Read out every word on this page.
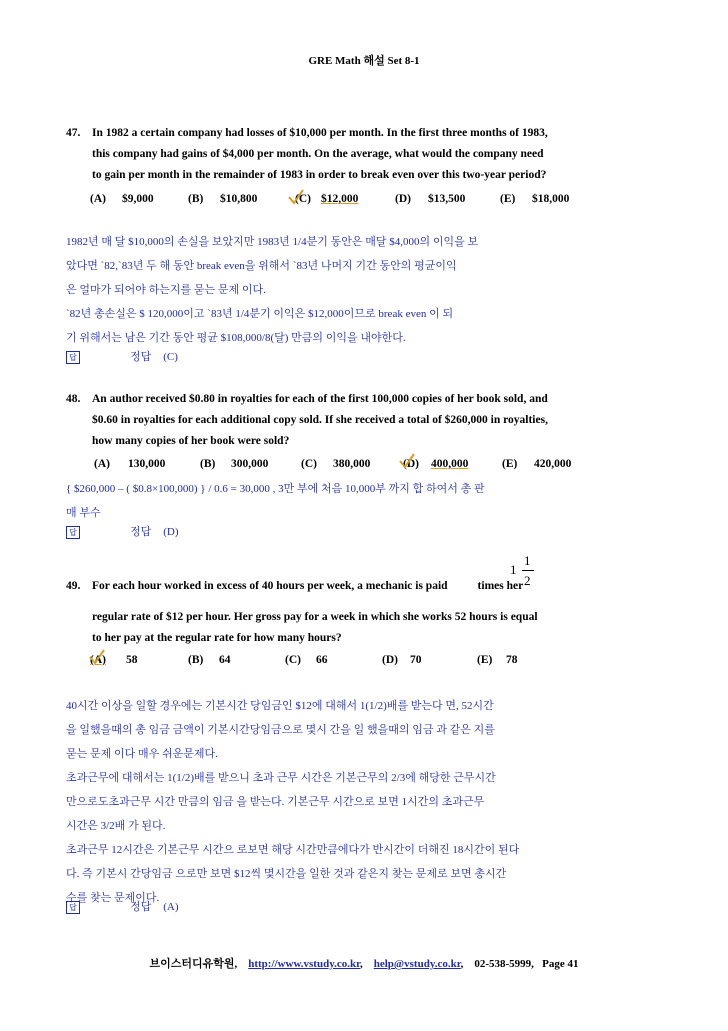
GRE Math 해설 Set 8-1
47. In 1982 a certain company had losses of $10,000 per month. In the first three months of 1983,
this company had gains of $4,000 per month. On the average, what would the company need
to gain per month in the remainder of 1983 in order to break even over this two-year period?
(A) $9,000	(B) $10,800	(C) $12,000	(D) $13,500	(E) $18,000
1982년 매 달 $10,000의 손실을 보았지만 1983년 1/4분기 동안은 매달 $4,000의 이익을 보
았다면 `82,`83년 두 해 동안 break even을 위해서 `83년 나머지 기간 동안의 평균이익
은 얼마가 되어야 하는지를 묻는 문제 이다.
`82년 총손실은 $ 120,000이고 `83년 1/4분기 이익은 $12,000이므로 break even 이 되
기 위해서는 남은 기간 동안 평균 $108,000/8(달) 만큼의 이익을 내야한다.
답	정답 (C)
48. An author received $0.80 in royalties for each of the first 100,000 copies of her book sold, and
$0.60 in royalties for each additional copy sold. If she received a total of $260,000 in royalties,
how many copies of her book were sold?
(A) 130,000	(B) 300,000	(C) 380,000	(D) 400,000	(E) 420,000
{ $260,000 – ( $0.8×100,000) } / 0.6 = 30,000 , 3만 부에 처음 10,000부 까지 합 하여서 총 판
매 부수
답	정답 (D)
49. For each hour worked in excess of 40 hours per week, a mechanic is paid	times her
1
1
2
regular rate of $12 per hour. Her gross pay for a week in which she works 52 hours is equal
to her pay at the regular rate for how many hours?
(A) 58	(B) 64	(C) 66	(D) 70	(E) 78
40시간 이상을 일할 경우에는 기본시간 당임금인 $12에 대해서 1(1/2)배를 받는다 면, 52시간
을 일했을때의 총 임금 금액이 기본시간당임금으로 몇시 간을 일 했을때의 임금 과 같은 지를
묻는 문제 이다 매우 쉬운문제다.
초과근무에 대해서는 1(1/2)배를 받으니 초과 근무 시간은 기본근무의 2/3에 해당한 근무시간
만으로도초과근무 시간 만큼의 임금 을 받는다. 기본근무 시간으로 보면 1시간의 초과근무
시간은 3/2배 가 된다.
초과근무 12시간은 기본근무 시간으 로보면 해당 시간만큼에다가 반시간이 더해진 18시간이 된다
다. 즉 기본시 간당임금 으로만 보면 $12씩 몇시간을 일한 것과 같은지 찾는 문제로 보면 총시간
수를 찾는 문제이다.
답	정답 (A)
브이스터디유학원, http://www.vstudy.co.kr,    help@vstudy.co.kr,    02-538-5999, Page 41
